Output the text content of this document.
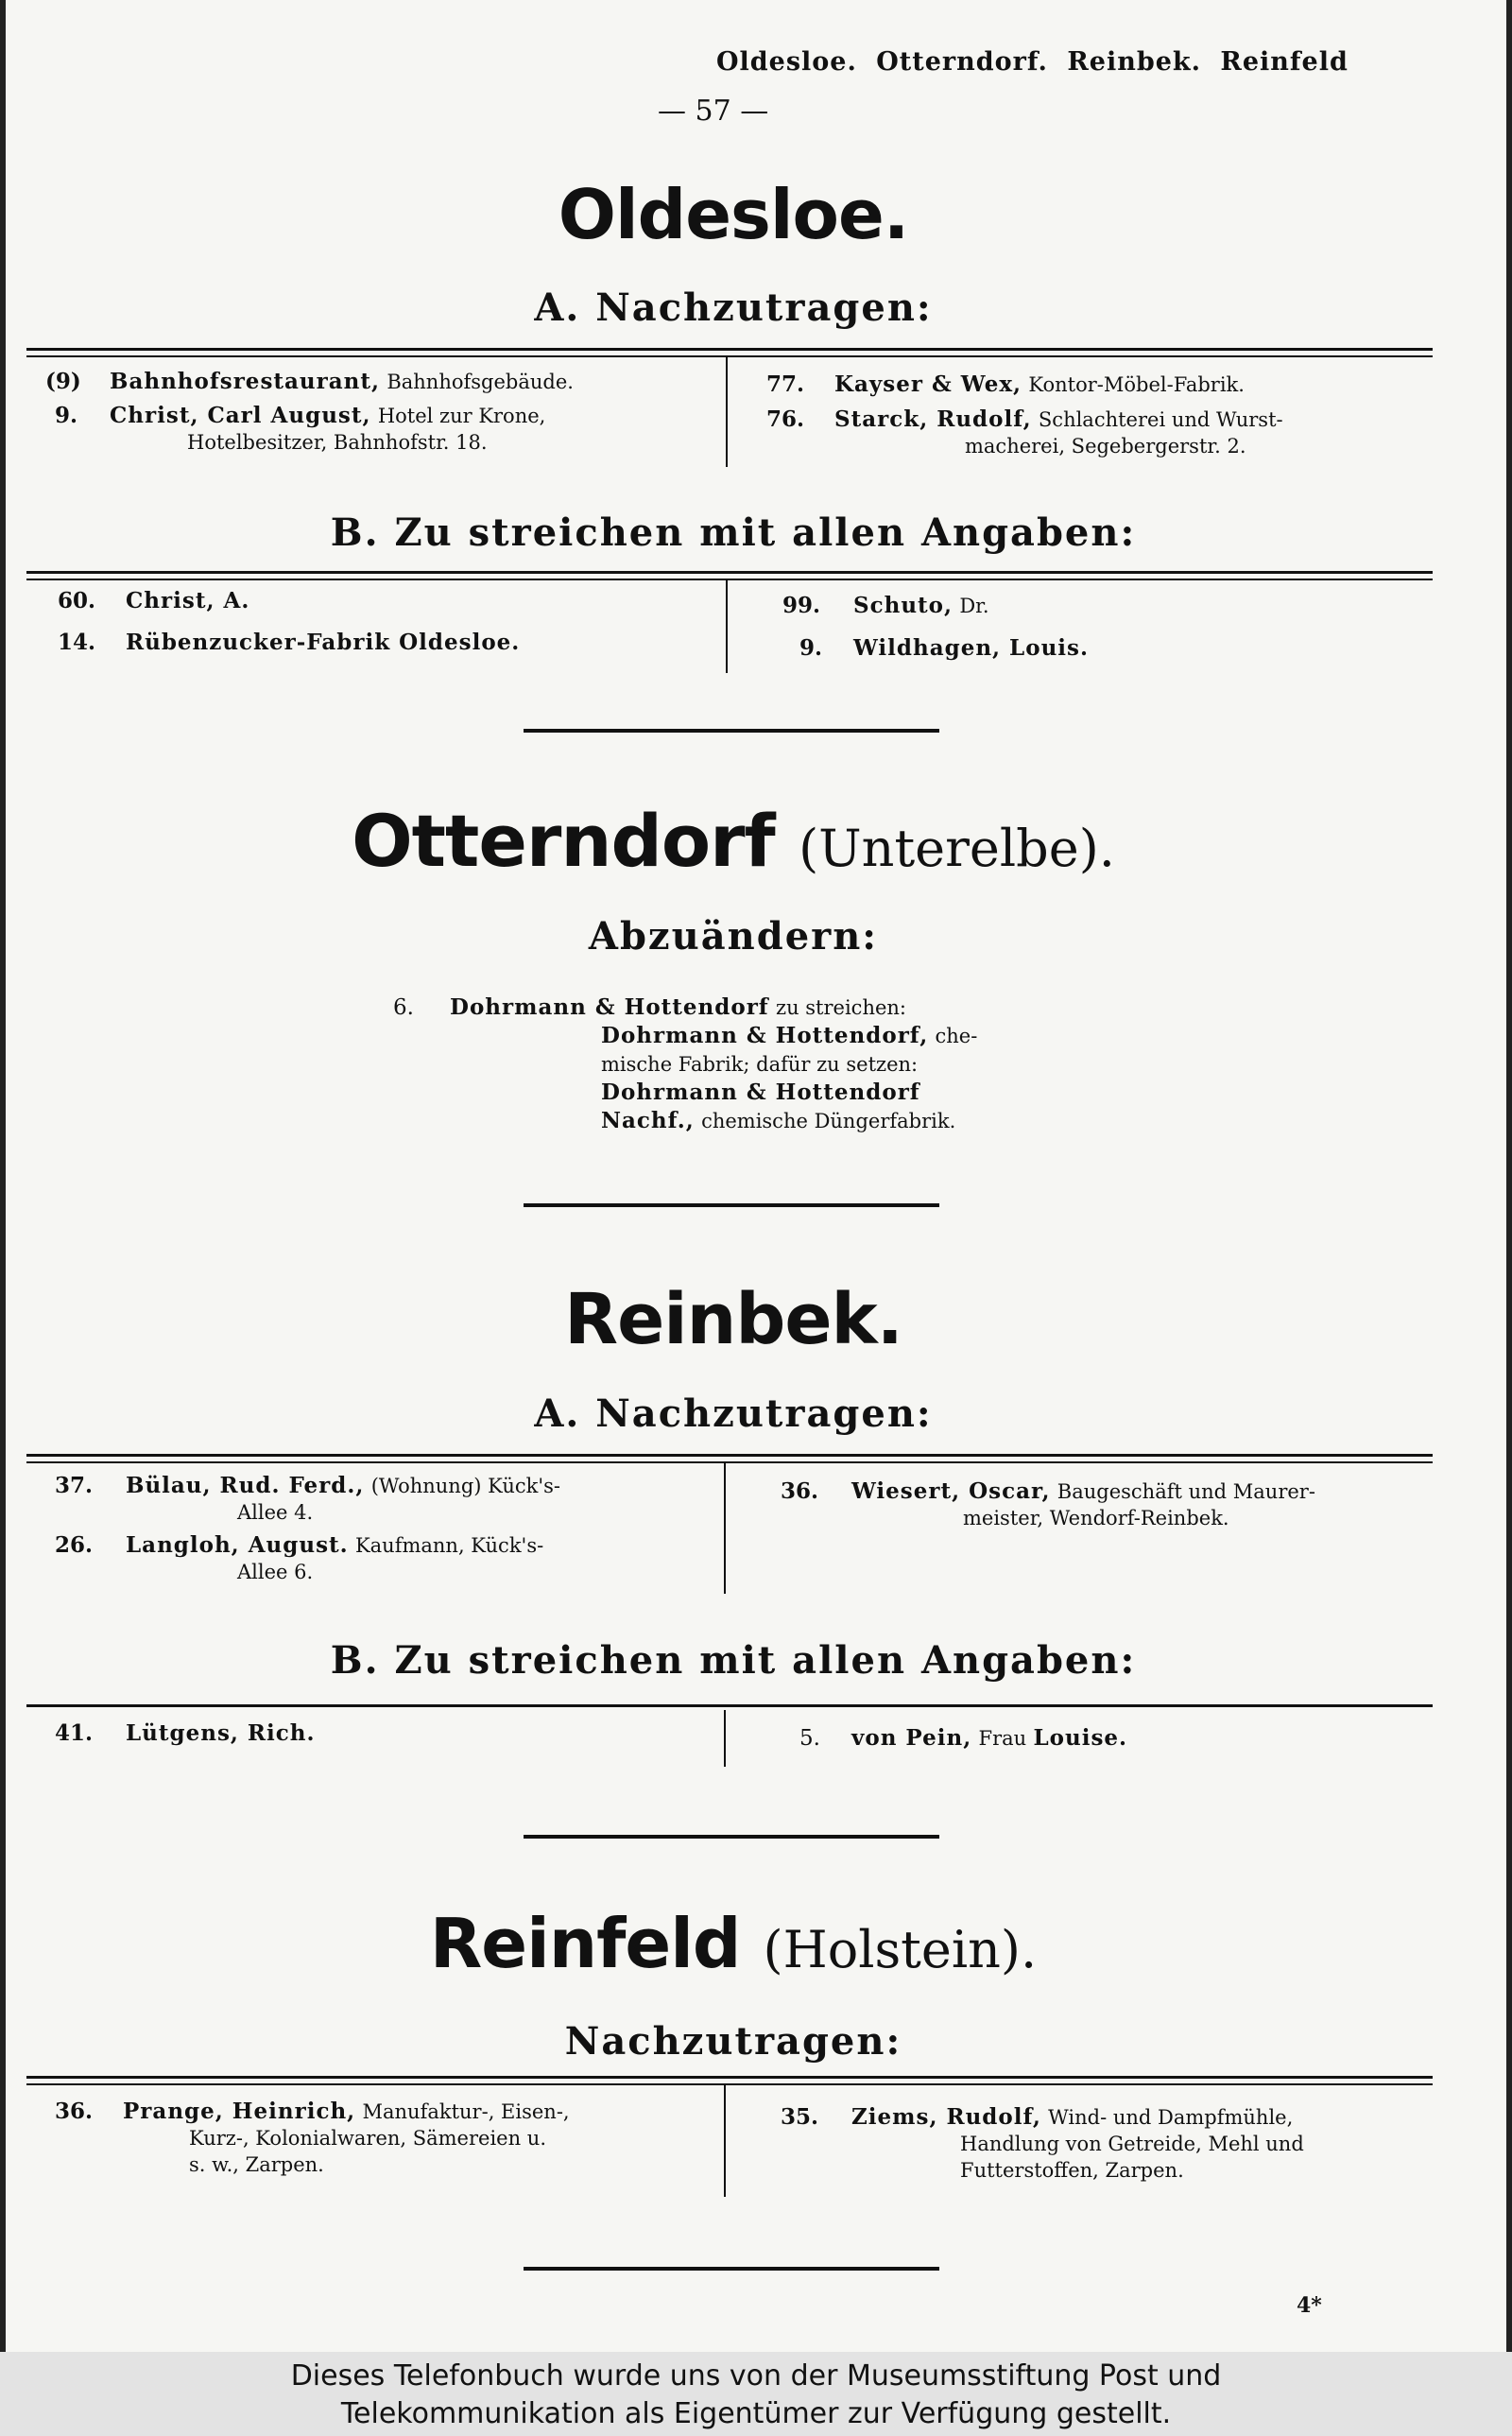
Oldesloe. Otterndorf. Reinbek. Reinfeld
— 57 —
Oldesloe.
A. Nachzutragen:
(9) Bahnhofsrestaurant, Bahnhofsgebäude.
9. Christ, Carl August, Hotel zur Krone,
Hotelbesitzer, Bahnhofstr. 18.
77. Kayser & Wex, Kontor-Möbel-Fabrik.
76. Starck, Rudolf, Schlachterei und Wurst-
macherei, Segebergerstr. 2.
B. Zu streichen mit allen Angaben:
60. Christ, A.
14. Rübenzucker-Fabrik Oldesloe.
99. Schuto, Dr.
9. Wildhagen, Louis.
Otterndorf (Unterelbe).
Abzuändern:
6. Dohrmann & Hottendorf zu streichen:
Dohrmann & Hottendorf, che-
mische Fabrik; dafür zu setzen:
Dohrmann & Hottendorf
Nachf., chemische Düngerfabrik.
Reinbek.
A. Nachzutragen:
37. Bülau, Rud. Ferd., (Wohnung) Kück's-
Allee 4.
26. Langloh, August. Kaufmann, Kück's-
Allee 6.
36. Wiesert, Oscar, Baugeschäft und Maurer-
meister, Wendorf-Reinbek.
B. Zu streichen mit allen Angaben:
41. Lütgens, Rich.	5. von Pein, Frau Louise.
Reinfeld (Holstein).
Nachzutragen:
36. Prange, Heinrich, Manufaktur-, Eisen-,
Kurz-, Kolonialwaren, Sämereien u.
s. w., Zarpen.
35. Ziems, Rudolf, Wind- und Dampfmühle,
Handlung von Getreide, Mehl und
Futterstoffen, Zarpen.
4*
Dieses Telefonbuch wurde uns von der Museumsstiftung Post und
Telekommunikation als Eigentümer zur Verfügung gestellt.
